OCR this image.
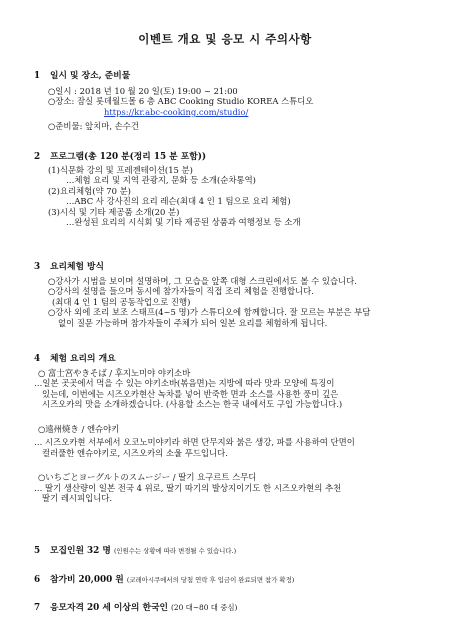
이벤트 개요 및 응모 시 주의사항
1 일시 및 장소, 준비물
○일시 : 2018 년 10 월 20 일(토) 19:00 ~ 21:00
○장소: 잠실 롯데월드몰 6 층 ABC Cooking Studio KOREA 스튜디오
https://kr.abc-cooking.com/studio/
○준비물: 앞치마, 손수건
2 프로그램(총 120 분(정리 15 분 포함))
(1)식문화 강의 및 프레젠테이션(15 분)
…체험 요리 및 지역 관광지, 문화 등 소개(순차통역)
(2)요리체험(약 70 분)
…ABC 사 강사진의 요리 레슨(최대 4 인 1 팀으로 요리 체험)
(3)시식 및 기타 제공품 소개(20 분)
…완성된 요리의 시식회 및 기타 제공된 상품과 여행정보 등 소개
3 요리체험 방식
○강사가 시범을 보이며 설명하며, 그 모습을 앞쪽 대형 스크린에서도 볼 수 있습니다.
○강사의 설명을 들으며 동시에 참가자들이 직접 조리 체험을 진행합니다.
(최대 4 인 1 팀의 공동작업으로 진행)
○강사 외에 조리 보조 스태프(4~5 명)가 스튜디오에 함께합니다. 잘 모르는 부분은 부담
없이 질문 가능하며 참가자들이 주체가 되어 일본 요리를 체험하게 됩니다.
4 체험 요리의 개요
○ 富士宮やきそば / 후지노미야 야키소바
…일본 곳곳에서 먹을 수 있는 야키소바(볶음면)는 지방에 따라 맛과 모양에 특징이
있는데, 이번에는 시즈오카현산 녹차를 넣어 반죽한 면과 소스를 사용한 풍미 깊은
시즈오카의 맛을 소개하겠습니다. (사용할 소스는 한국 내에서도 구입 가능합니다.)
○遠州焼き / 엔슈야키
… 시즈오카현 서부에서 오코노미야키라 하면 단무지와 붉은 생강, 파를 사용하여 단면이
컬러풀한 엔슈야키로, 시즈오카의 소울 푸드입니다.
○いちごとヨーグルトのスムージー / 딸기 요구르트 스무디
… 딸기 생산량이 일본 전국 4 위로, 딸기 따기의 발상지이기도 한 시즈오카현의 추천
딸기 레시피입니다.
5 모집인원 32 명 (인원수는 상황에 따라 변경될 수 있습니다.)
6 참가비 20,000 원 (코레아시쿠에서의 당첨 연락 후 입금이 완료되면 참가 확정)
7 응모자격 20 세 이상의 한국인 (20 대~80 대 중심)
